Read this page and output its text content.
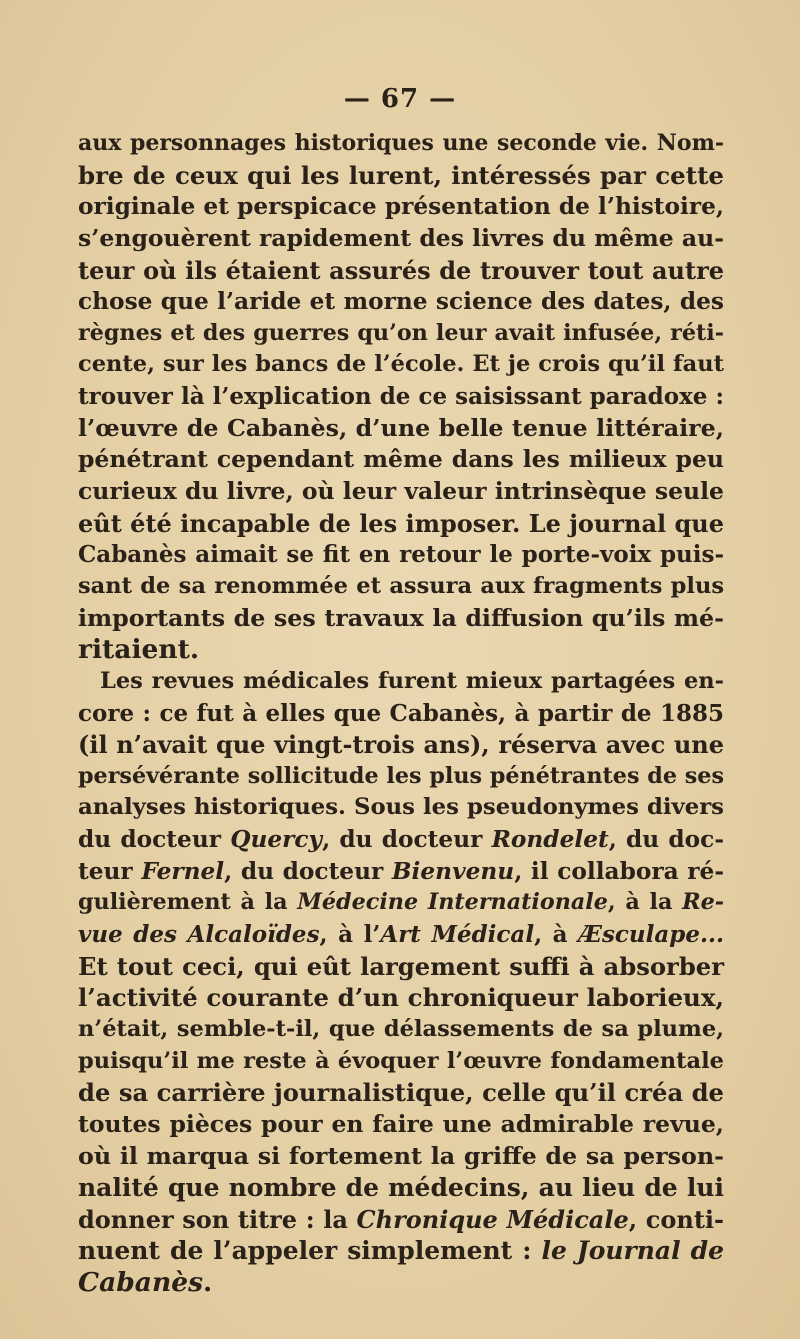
— 67 —
aux personnages historiques une seconde vie. Nom-
bre de ceux qui les lurent, intéressés par cette
originale et perspicace présentation de l’histoire,
s’engouèrent rapidement des livres du même au-
teur où ils étaient assurés de trouver tout autre
chose que l’aride et morne science des dates, des
règnes et des guerres qu’on leur avait infusée, réti-
cente, sur les bancs de l’école. Et je crois qu’il faut
trouver là l’explication de ce saisissant paradoxe :
l’œuvre de Cabanès, d’une belle tenue littéraire,
pénétrant cependant même dans les milieux peu
curieux du livre, où leur valeur intrinsèque seule
eût été incapable de les imposer. Le journal que
Cabanès aimait se fit en retour le porte-voix puis-
sant de sa renommée et assura aux fragments plus
importants de ses travaux la diffusion qu’ils mé-
ritaient.
Les revues médicales furent mieux partagées en-
core : ce fut à elles que Cabanès, à partir de 1885
(il n’avait que vingt-trois ans), réserva avec une
persévérante sollicitude les plus pénétrantes de ses
analyses historiques. Sous les pseudonymes divers
du docteur Quercy, du docteur Rondelet, du doc-
teur Fernel, du docteur Bienvenu, il collabora ré-
gulièrement à la Médecine Internationale, à la Re-
vue des Alcaloïdes, à l’Art Médical, à Æsculape...
Et tout ceci, qui eût largement suffi à absorber
l’activité courante d’un chroniqueur laborieux,
n’était, semble-t-il, que délassements de sa plume,
puisqu’il me reste à évoquer l’œuvre fondamentale
de sa carrière journalistique, celle qu’il créa de
toutes pièces pour en faire une admirable revue,
où il marqua si fortement la griffe de sa person-
nalité que nombre de médecins, au lieu de lui
donner son titre : la Chronique Médicale, conti-
nuent de l’appeler simplement : le Journal de
Cabanès.
